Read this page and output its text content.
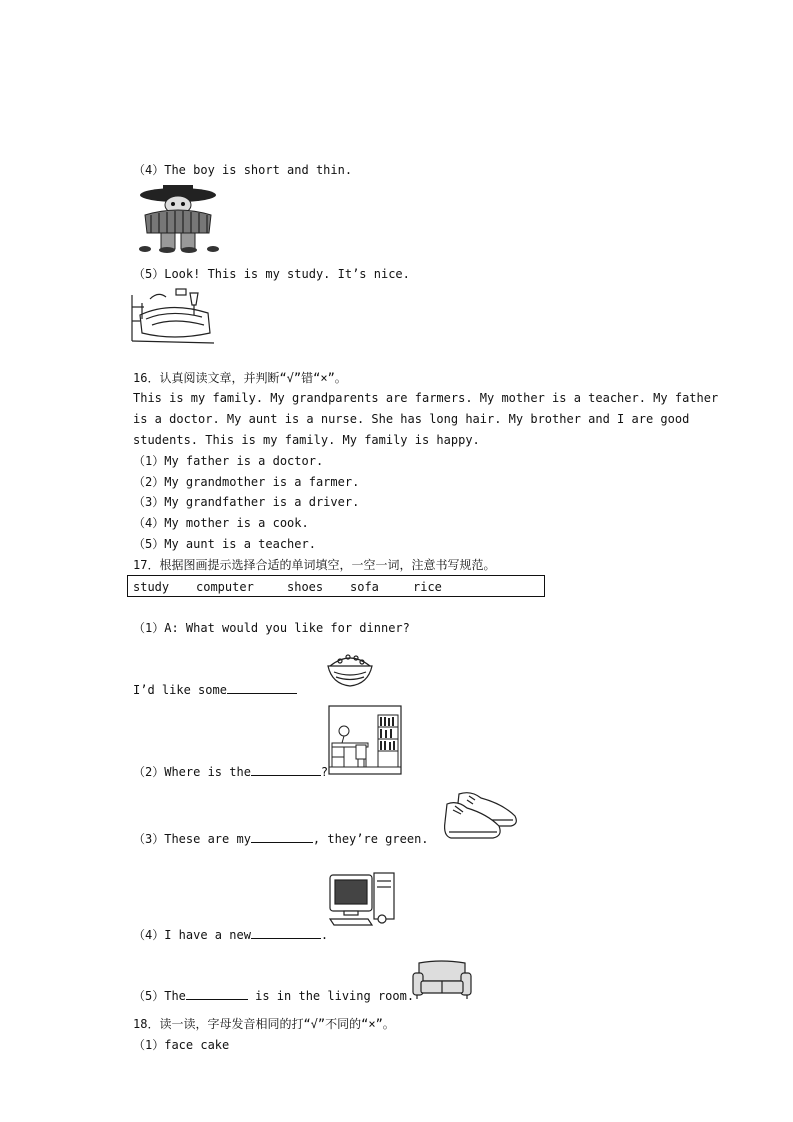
（4）The boy is short and thin.
（5）Look! This is my study. It’s nice.
16．认真阅读文章，并判断“√”错“×”。
This is my family. My grandparents are farmers. My mother is a teacher. My father
is a doctor. My aunt is a nurse. She has long hair. My brother and I are good
students. This is my family. My family is happy.
（1）My father is a doctor.
（2）My grandmother is a farmer.
（3）My grandfather is a driver.
（4）My mother is a cook.
（5）My aunt is a teacher.
17．根据图画提示选择合适的单词填空，一空一词，注意书写规范。
study computer	shoes sofa	rice
（1）A: What would you like for dinner?
I’d like some
（2）Where is the	?
（3）These are my	, they’re green.
（4）I have a new	.
（5）The	is in the living room.
18．读一读，字母发音相同的打“√”不同的“×”。
（1）face cake
